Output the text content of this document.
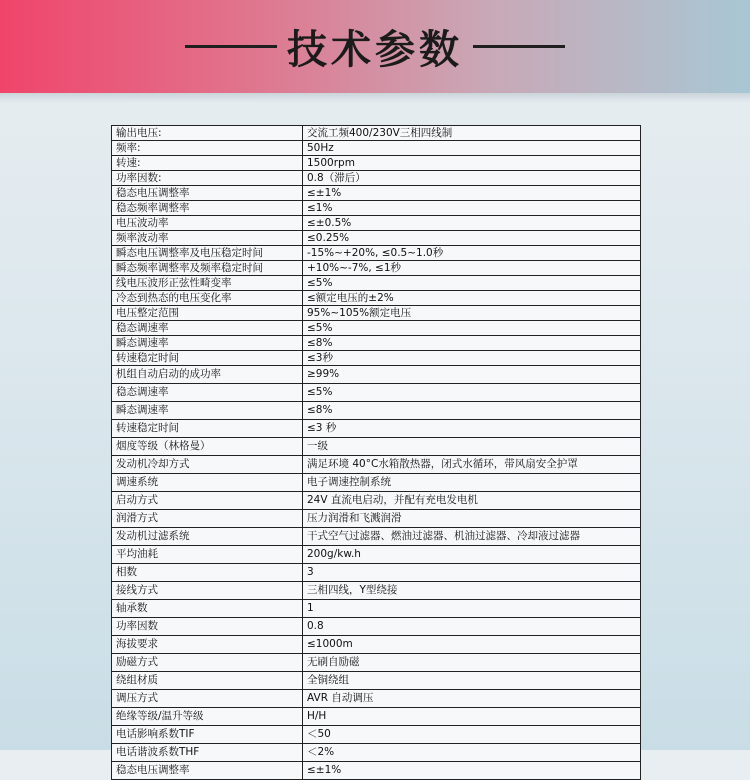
技术参数
输出电压:	交流工频400/230V三相四线制
频率:	50Hz
转速:	1500rpm
功率因数:	0.8（滞后）
稳态电压调整率	≤±1%
稳态频率调整率	≤1%
电压波动率	≤±0.5%
频率波动率	≤0.25%
瞬态电压调整率及电压稳定时间	-15%~+20%, ≤0.5~1.0秒
瞬态频率调整率及频率稳定时间	+10%~-7%, ≤1秒
线电压波形正弦性畸变率	≤5%
冷态到热态的电压变化率	≤额定电压的±2%
电压整定范围	95%~105%额定电压
稳态调速率	≤5%
瞬态调速率	≤8%
转速稳定时间	≤3秒
机组自动启动的成功率	≥99%
稳态调速率	≤5%
瞬态调速率	≤8%
转速稳定时间	≤3 秒
烟度等级（林格曼）	一级
发动机冷却方式	满足环境 40°C水箱散热器，闭式水循环，带风扇安全护罩
调速系统	电子调速控制系统
启动方式	24V 直流电启动，并配有充电发电机
润滑方式	压力润滑和飞溅润滑
发动机过滤系统	干式空气过滤器、燃油过滤器、机油过滤器、冷却液过滤器
平均油耗	200g/kw.h
相数	3
接线方式	三相四线，Y型绕接
轴承数	1
功率因数	0.8
海拔要求	≤1000m
励磁方式	无刷自励磁
绕组材质	全铜绕组
调压方式	AVR 自动调压
绝缘等级/温升等级	H/H
电话影响系数TIF	＜50
电话谐波系数THF	＜2%
稳态电压调整率	≤±1%
